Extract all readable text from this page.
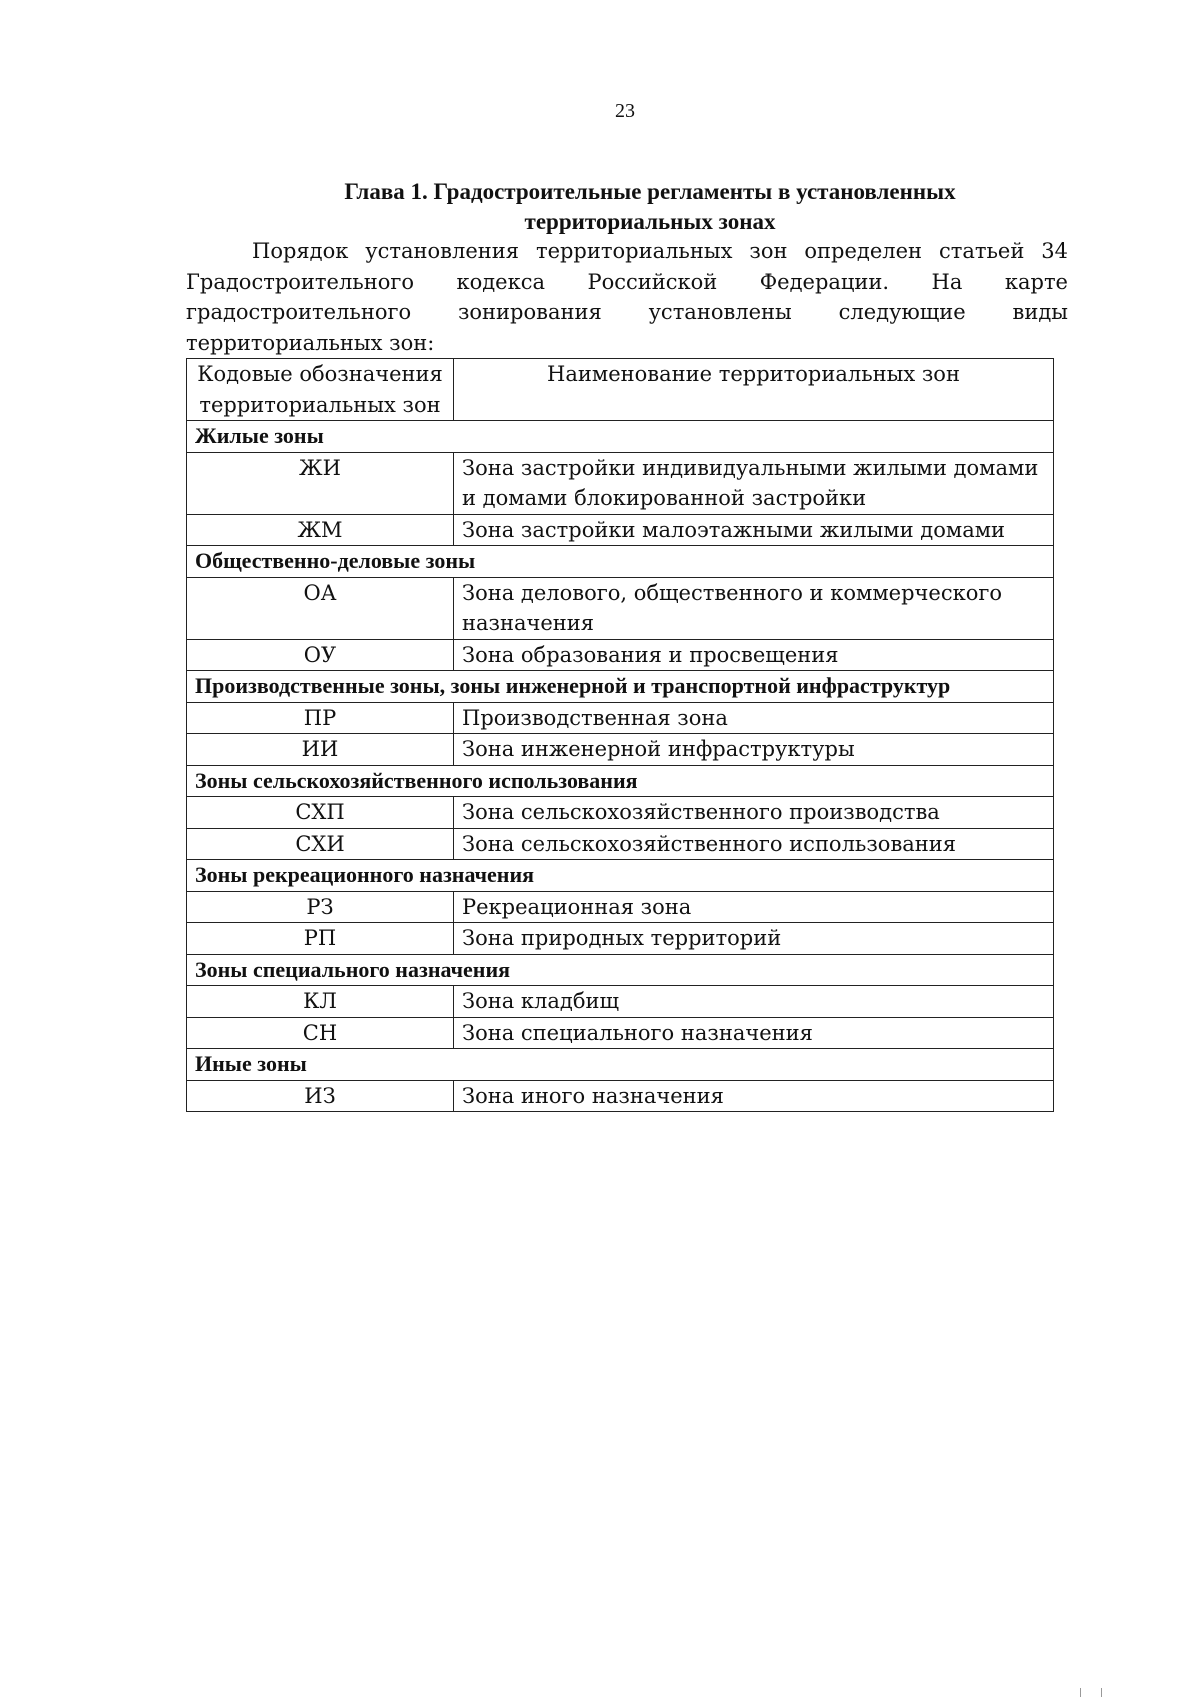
23
Глава 1. Градостроительные регламенты в установленных
территориальных зонах
Порядок установления территориальных зон определен статьей 34 Градостроительного кодекса Российской Федерации. На карте градостроительного зонирования установлены следующие виды территориальных зон:
Кодовые обозначения территориальных зон	Наименование территориальных зон
Жилые зоны	
ЖИ	Зона застройки индивидуальными жилыми домами и домами блокированной застройки
ЖМ	Зона застройки малоэтажными жилыми домами
Общественно-деловые зоны	
ОА	Зона делового, общественного и коммерческого назначения
ОУ	Зона образования и просвещения
Производственные зоны, зоны инженерной и транспортной инфраструктур	
ПР	Производственная зона
ИИ	Зона инженерной инфраструктуры
Зоны сельскохозяйственного использования	
СХП	Зона сельскохозяйственного производства
СХИ	Зона сельскохозяйственного использования
Зоны рекреационного назначения	
РЗ	Рекреационная зона
РП	Зона природных территорий
Зоны специального назначения	
КЛ	Зона кладбищ
СН	Зона специального назначения
Иные зоны	
ИЗ	Зона иного назначения
